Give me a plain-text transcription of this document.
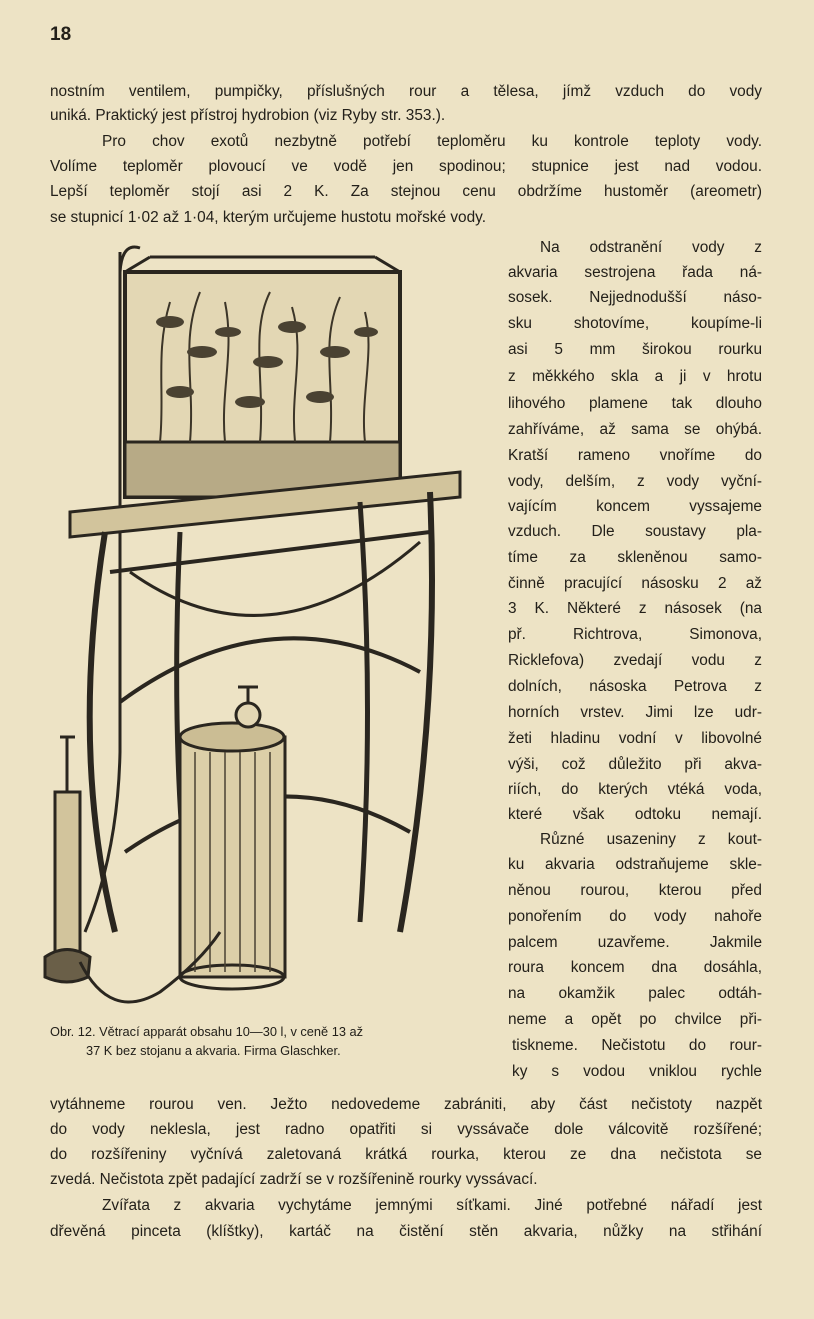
18
nostním ventilem, pumpičky, příslušných rour a tělesa, jímž vzduch do vody
uniká. Praktický jest přístroj hydrobion (viz Ryby str. 353.).
Pro chov exotů nezbytně potřebí teploměru ku kontrole teploty vody.
Volíme teploměr plovoucí ve vodě jen spodinou; stupnice jest nad vodou.
Lepší teploměr stojí asi 2 K. Za stejnou cenu obdržíme hustoměr (areometr)
se stupnicí 1·02 až 1·04, kterým určujeme hustotu mořské vody.
Na odstranění vody z
akvaria sestrojena řada ná-
sosek. Nejjednodušší náso-
sku shotovíme, koupíme-li
asi 5 mm širokou rourku
z měkkého skla a ji v hrotu
lihového plamene tak dlouho
zahříváme, až sama se ohýbá.
Kratší rameno vnoříme do
vody, delším, z vody vyční-
vajícím koncem vyssajeme
vzduch. Dle soustavy pla-
tíme za skleněnou samo-
činně pracující násosku 2 až
3 K. Některé z násosek (na
př. Richtrova, Simonova,
Ricklefova) zvedají vodu z
dolních, násoska Petrova z
horních vrstev. Jimi lze udr-
žeti hladinu vodní v libovolné
výši, což důležito při akva-
riích, do kterých vtéká voda,
které však odtoku nemají.
Různé usazeniny z kout-
ku akvaria odstraňujeme skle-
něnou rourou, kterou před
ponořením do vody nahoře
palcem uzavřeme. Jakmile
roura koncem dna dosáhla,
na okamžik palec odtáh-
neme a opět po chvilce při-
tiskneme. Nečistotu do rour-
ky s vodou vniklou rychle
Obr. 12. Větrací apparát obsahu 10—30 l, v ceně 13 až
37 K bez stojanu a akvaria. Firma Glaschker.
vytáhneme rourou ven. Ježto nedovedeme zabrániti, aby část nečistoty nazpět
do vody neklesla, jest radno opatřiti si vyssávače dole válcovitě rozšířené;
do rozšířeniny vyčnívá zaletovaná krátká rourka, kterou ze dna nečistota se
zvedá. Nečistota zpět padající zadrží se v rozšířenině rourky vyssávací.
Zvířata z akvaria vychytáme jemnými síťkami. Jiné potřebné nářadí jest
dřevěná pinceta (klíštky), kartáč na čistění stěn akvaria, nůžky na střihání
